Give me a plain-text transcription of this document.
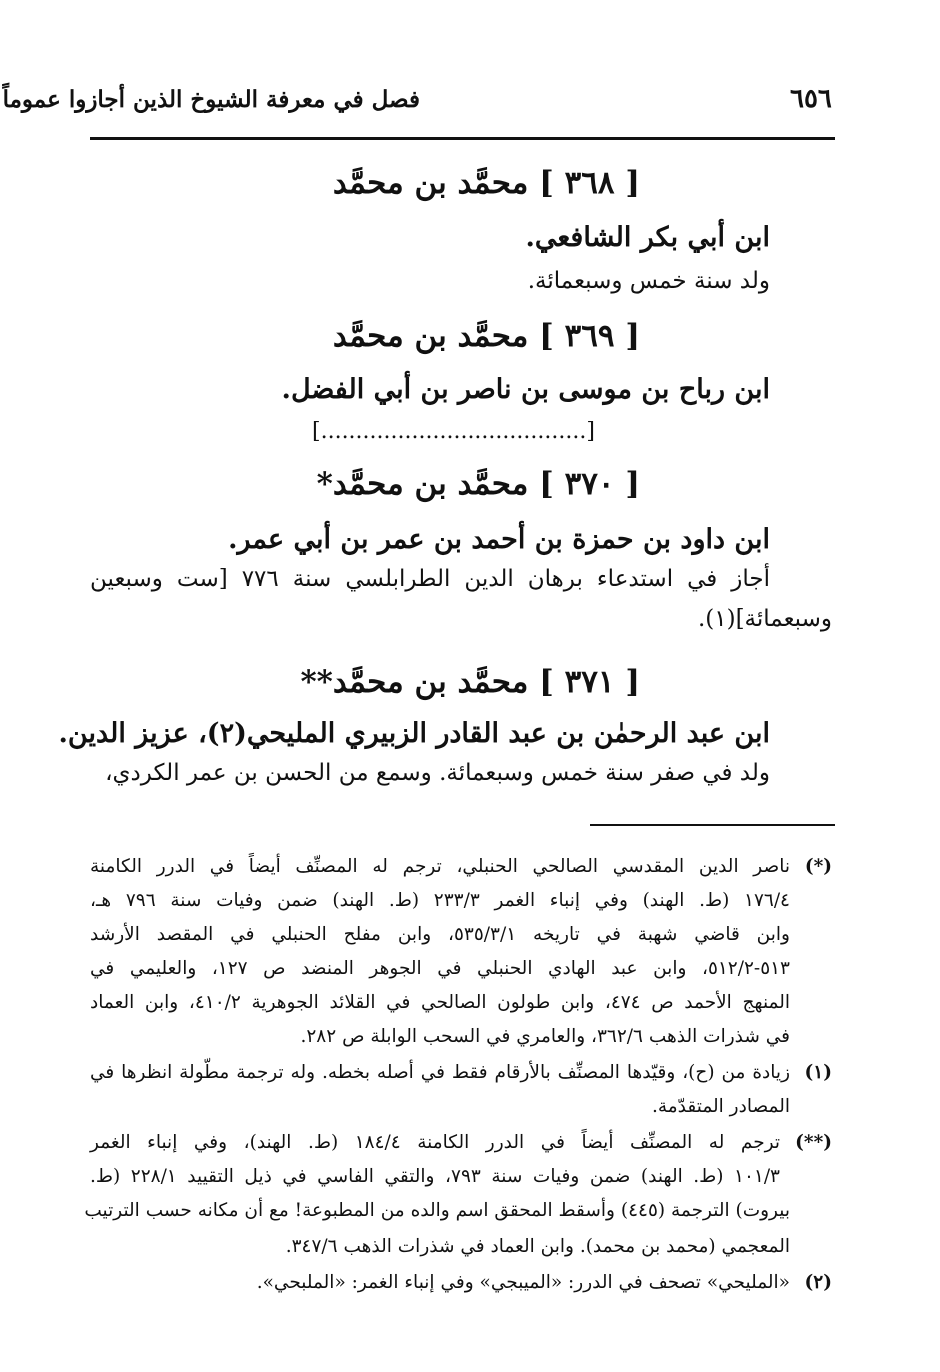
٦٥٦
فصل في معرفة الشيوخ الذين أجازوا عموماً
[ ٣٦٨ ] محمَّد بن محمَّد
ابن أبي بكر الشافعي.
ولد سنة خمس وسبعمائة.
[ ٣٦٩ ] محمَّد بن محمَّد
ابن رباح بن موسى بن ناصر بن أبي الفضل.
[......................................]
[ ٣٧٠ ] محمَّد بن محمَّد*
ابن داود بن حمزة بن أحمد بن عمر بن أبي عمر.
أجاز في استدعاء برهان الدين الطرابلسي سنة ٧٧٦ [ست وسبعين
وسبعمائة](١).
[ ٣٧١ ] محمَّد بن محمَّد**
ابن عبد الرحمٰن بن عبد القادر الزبيري المليحي(٢)، عزيز الدين.
ولد في صفر سنة خمس وسبعمائة. وسمع من الحسن بن عمر الكردي،
(*)
ناصر الدين المقدسي الصالحي الحنبلي، ترجم له المصنِّف أيضاً في الدرر الكامنة
١٧٦/٤ (ط. الهند) وفي إنباء الغمر ٢٣٣/٣ (ط. الهند) ضمن وفيات سنة ٧٩٦ هـ،
وابن قاضي شهبة في تاريخه ٥٣٥/٣/١، وابن مفلح الحنبلي في المقصد الأرشد
٥١٣-٥١٢/٢، وابن عبد الهادي الحنبلي في الجوهر المنضد ص ١٢٧، والعليمي في
المنهج الأحمد ص ٤٧٤، وابن طولون الصالحي في القلائد الجوهرية ٤١٠/٢، وابن العماد
في شذرات الذهب ٣٦٢/٦، والعامري في السحب الوابلة ص ٢٨٢.
(١)
زيادة من (ح)، وقيّدها المصنِّف بالأرقام فقط في أصله بخطه. وله ترجمة مطّولة انظرها في
المصادر المتقدّمة.
(**)
ترجم له المصنِّف أيضاً في الدرر الكامنة ١٨٤/٤ (ط. الهند)، وفي إنباء الغمر
١٠١/٣ (ط. الهند) ضمن وفيات سنة ٧٩٣، والتقي الفاسي في ذيل التقييد ٢٢٨/١ (ط.
بيروت) الترجمة (٤٤٥) وأسقط المحقق اسم والده من المطبوعة! مع أن مكانه حسب الترتيب
المعجمي (محمد بن محمد). وابن العماد في شذرات الذهب ٣٤٧/٦.
(٢)
«المليحي» تصحف في الدرر: «الميبجي» وفي إنباء الغمر: «الملبحي».
